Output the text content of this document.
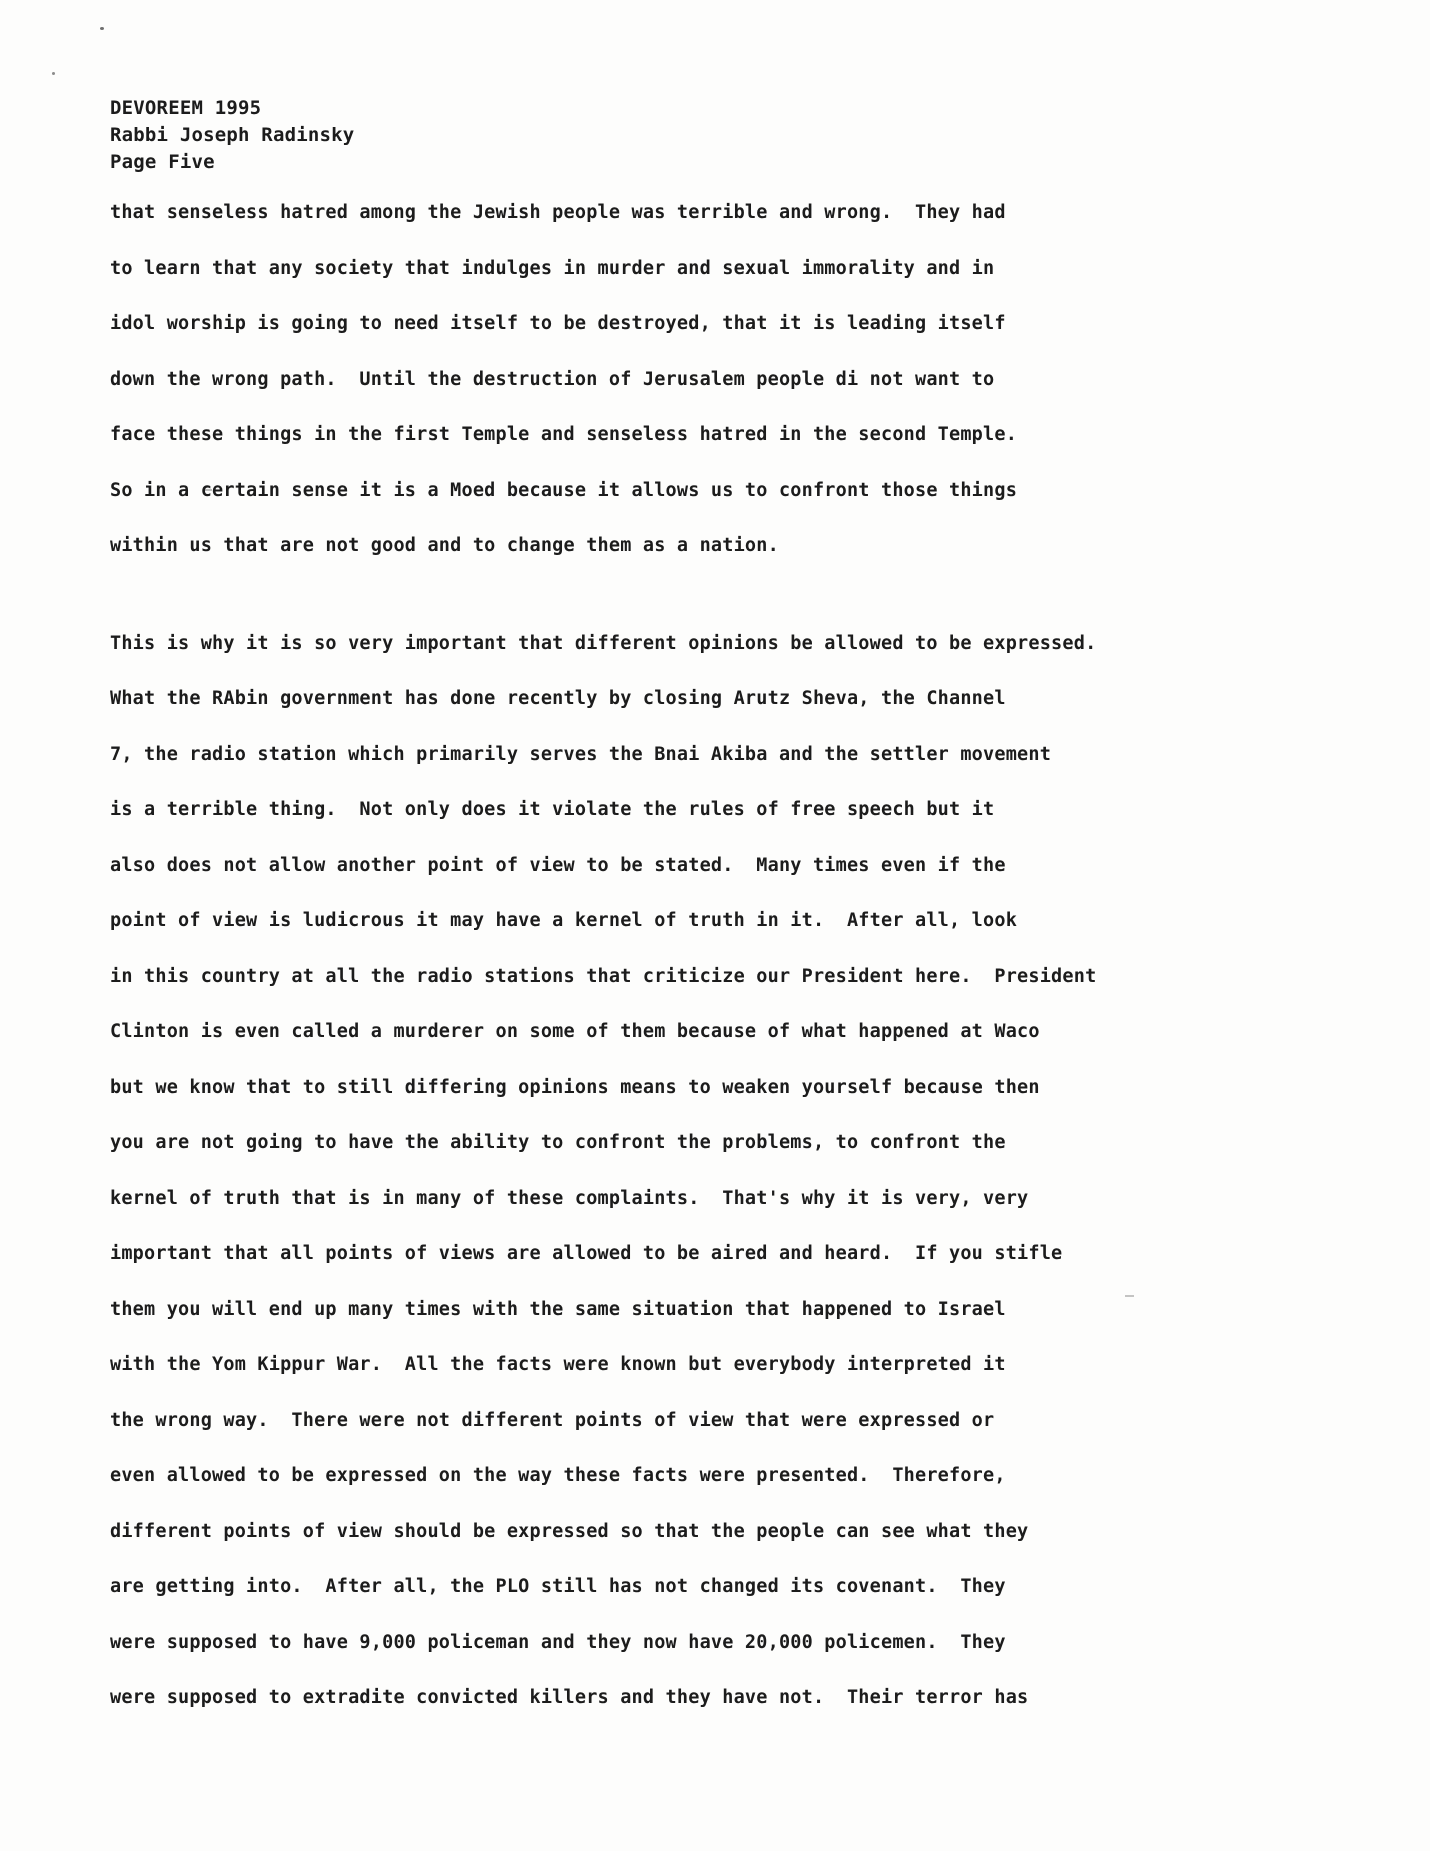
DEVOREEM 1995
Rabbi Joseph Radinsky
Page Five
that senseless hatred among the Jewish people was terrible and wrong.  They had
to learn that any society that indulges in murder and sexual immorality and in
idol worship is going to need itself to be destroyed, that it is leading itself
down the wrong path.  Until the destruction of Jerusalem people di not want to
face these things in the first Temple and senseless hatred in the second Temple.
So in a certain sense it is a Moed because it allows us to confront those things
within us that are not good and to change them as a nation.
This is why it is so very important that different opinions be allowed to be expressed.
What the RAbin government has done recently by closing Arutz Sheva, the Channel
7, the radio station which primarily serves the Bnai Akiba and the settler movement
is a terrible thing.  Not only does it violate the rules of free speech but it
also does not allow another point of view to be stated.  Many times even if the
point of view is ludicrous it may have a kernel of truth in it.  After all, look
in this country at all the radio stations that criticize our President here.  President
Clinton is even called a murderer on some of them because of what happened at Waco
but we know that to still differing opinions means to weaken yourself because then
you are not going to have the ability to confront the problems, to confront the
kernel of truth that is in many of these complaints.  That's why it is very, very
important that all points of views are allowed to be aired and heard.  If you stifle
them you will end up many times with the same situation that happened to Israel
with the Yom Kippur War.  All the facts were known but everybody interpreted it
the wrong way.  There were not different points of view that were expressed or
even allowed to be expressed on the way these facts were presented.  Therefore,
different points of view should be expressed so that the people can see what they
are getting into.  After all, the PLO still has not changed its covenant.  They
were supposed to have 9,000 policeman and they now have 20,000 policemen.  They
were supposed to extradite convicted killers and they have not.  Their terror has
